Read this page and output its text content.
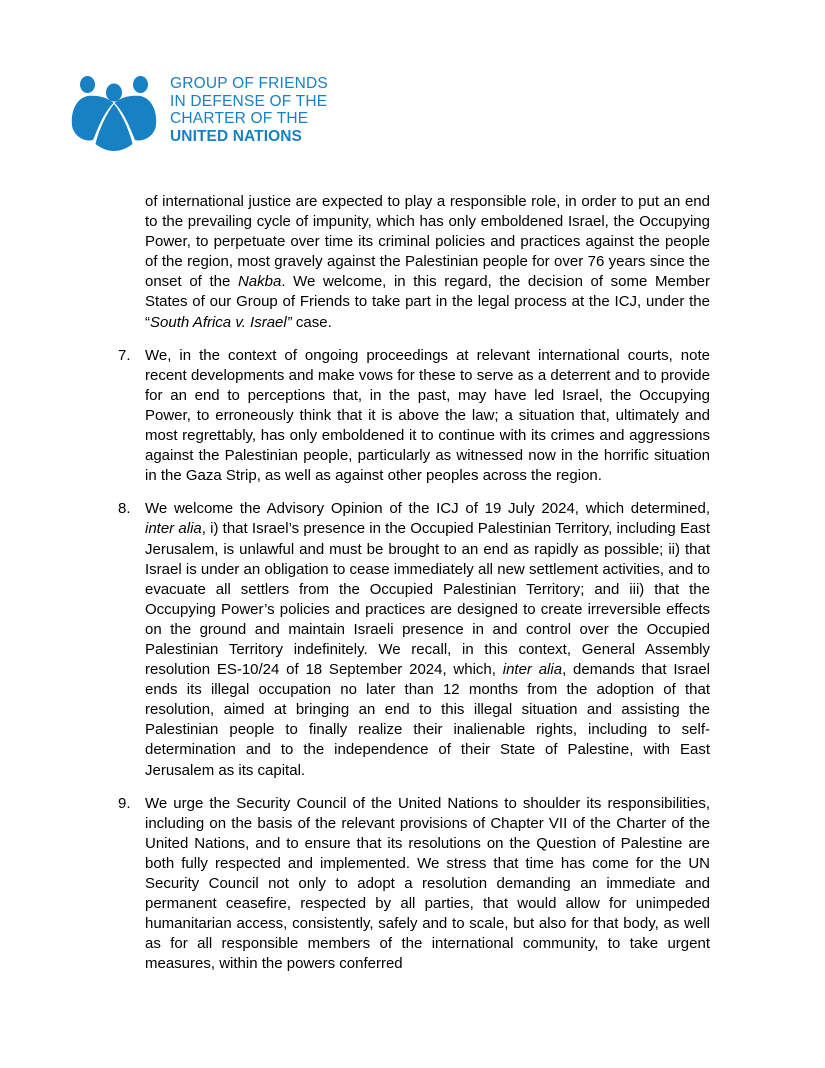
GROUP OF FRIENDS
IN DEFENSE OF THE
CHARTER OF THE
UNITED NATIONS

of international justice are expected to play a responsible role, in order to put an end to the prevailing cycle of impunity, which has only emboldened Israel, the Occupying Power, to perpetuate over time its criminal policies and practices against the people of the region, most gravely against the Palestinian people for over 76 years since the onset of the Nakba. We welcome, in this regard, the decision of some Member States of our Group of Friends to take part in the legal process at the ICJ, under the “South Africa v. Israel” case.

7. We, in the context of ongoing proceedings at relevant international courts, note recent developments and make vows for these to serve as a deterrent and to provide for an end to perceptions that, in the past, may have led Israel, the Occupying Power, to erroneously think that it is above the law; a situation that, ultimately and most regrettably, has only emboldened it to continue with its crimes and aggressions against the Palestinian people, particularly as witnessed now in the horrific situation in the Gaza Strip, as well as against other peoples across the region.

8. We welcome the Advisory Opinion of the ICJ of 19 July 2024, which determined, inter alia, i) that Israel’s presence in the Occupied Palestinian Territory, including East Jerusalem, is unlawful and must be brought to an end as rapidly as possible; ii) that Israel is under an obligation to cease immediately all new settlement activities, and to evacuate all settlers from the Occupied Palestinian Territory; and iii) that the Occupying Power’s policies and practices are designed to create irreversible effects on the ground and maintain Israeli presence in and control over the Occupied Palestinian Territory indefinitely. We recall, in this context, General Assembly resolution ES-10/24 of 18 September 2024, which, inter alia, demands that Israel ends its illegal occupation no later than 12 months from the adoption of that resolution, aimed at bringing an end to this illegal situation and assisting the Palestinian people to finally realize their inalienable rights, including to self-determination and to the independence of their State of Palestine, with East Jerusalem as its capital.

9. We urge the Security Council of the United Nations to shoulder its responsibilities, including on the basis of the relevant provisions of Chapter VII of the Charter of the United Nations, and to ensure that its resolutions on the Question of Palestine are both fully respected and implemented. We stress that time has come for the UN Security Council not only to adopt a resolution demanding an immediate and permanent ceasefire, respected by all parties, that would allow for unimpeded humanitarian access, consistently, safely and to scale, but also for that body, as well as for all responsible members of the international community, to take urgent measures, within the powers conferred
